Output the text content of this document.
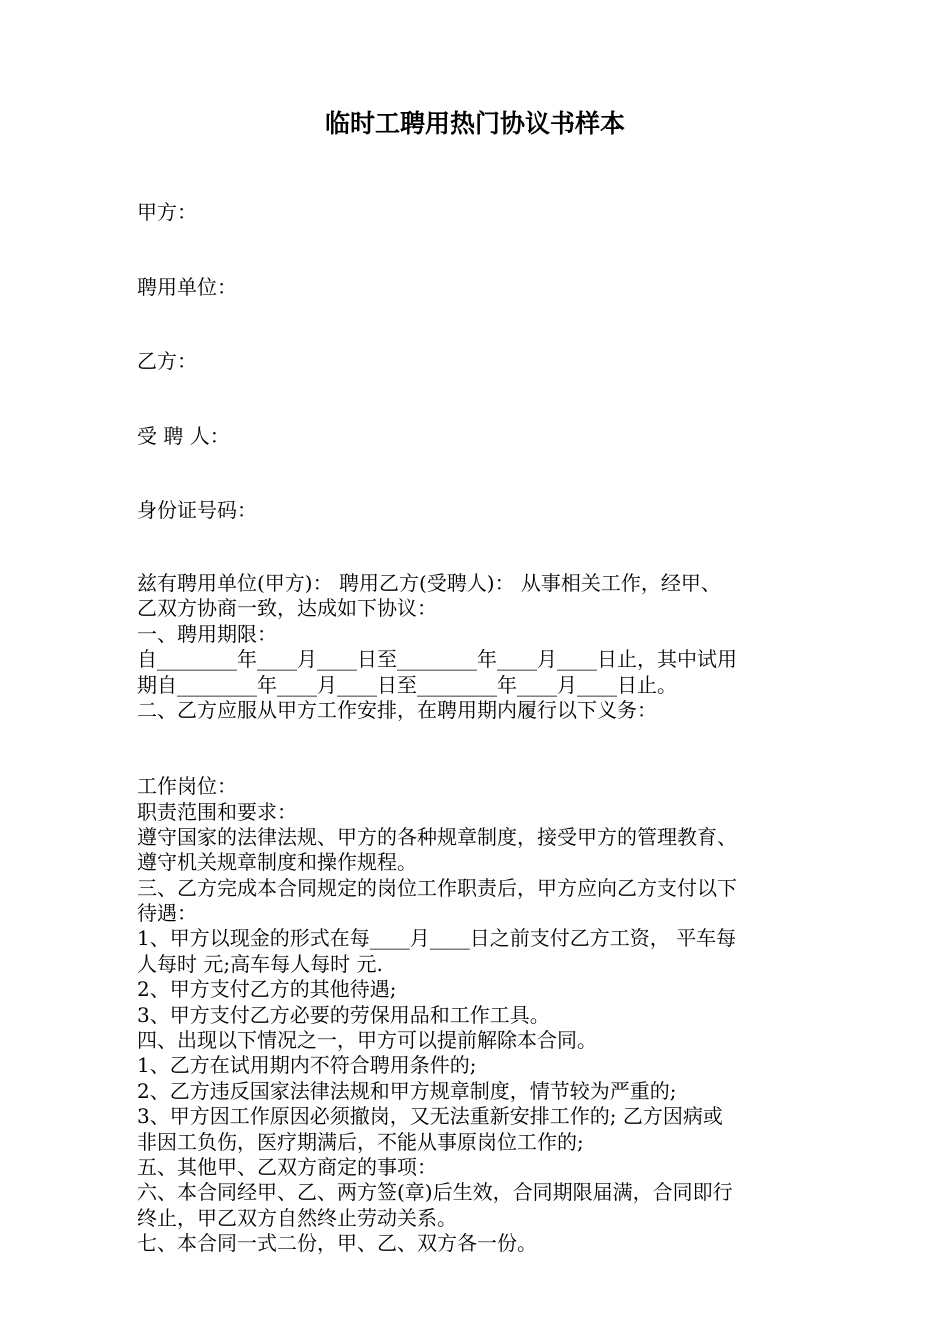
临时工聘用热门协议书样本
甲方：
聘用单位：
乙方：
受 聘 人：
身份证号码：
兹有聘用单位(甲方)： 聘用乙方(受聘人)： 从事相关工作，经甲、
乙双方协商一致，达成如下协议：
一、聘用期限：
自________年____月____日至________年____月____日止，其中试用
期自________年____月____日至________年____月____日止。
二、乙方应服从甲方工作安排，在聘用期内履行以下义务：
工作岗位：
职责范围和要求：
遵守国家的法律法规、甲方的各种规章制度，接受甲方的管理教育、
遵守机关规章制度和操作规程。
三、乙方完成本合同规定的岗位工作职责后，甲方应向乙方支付以下
待遇：
1、甲方以现金的形式在每____月____日之前支付乙方工资， 平车每
人每时 元;高车每人每时 元.
2、甲方支付乙方的其他待遇;
3、甲方支付乙方必要的劳保用品和工作工具。
四、出现以下情况之一，甲方可以提前解除本合同。
1、乙方在试用期内不符合聘用条件的;
2、乙方违反国家法律法规和甲方规章制度，情节较为严重的;
3、甲方因工作原因必须撤岗，又无法重新安排工作的; 乙方因病或
非因工负伤，医疗期满后，不能从事原岗位工作的;
五、其他甲、乙双方商定的事项：
六、本合同经甲、乙、两方签(章)后生效，合同期限届满，合同即行
终止，甲乙双方自然终止劳动关系。
七、本合同一式二份，甲、乙、双方各一份。
